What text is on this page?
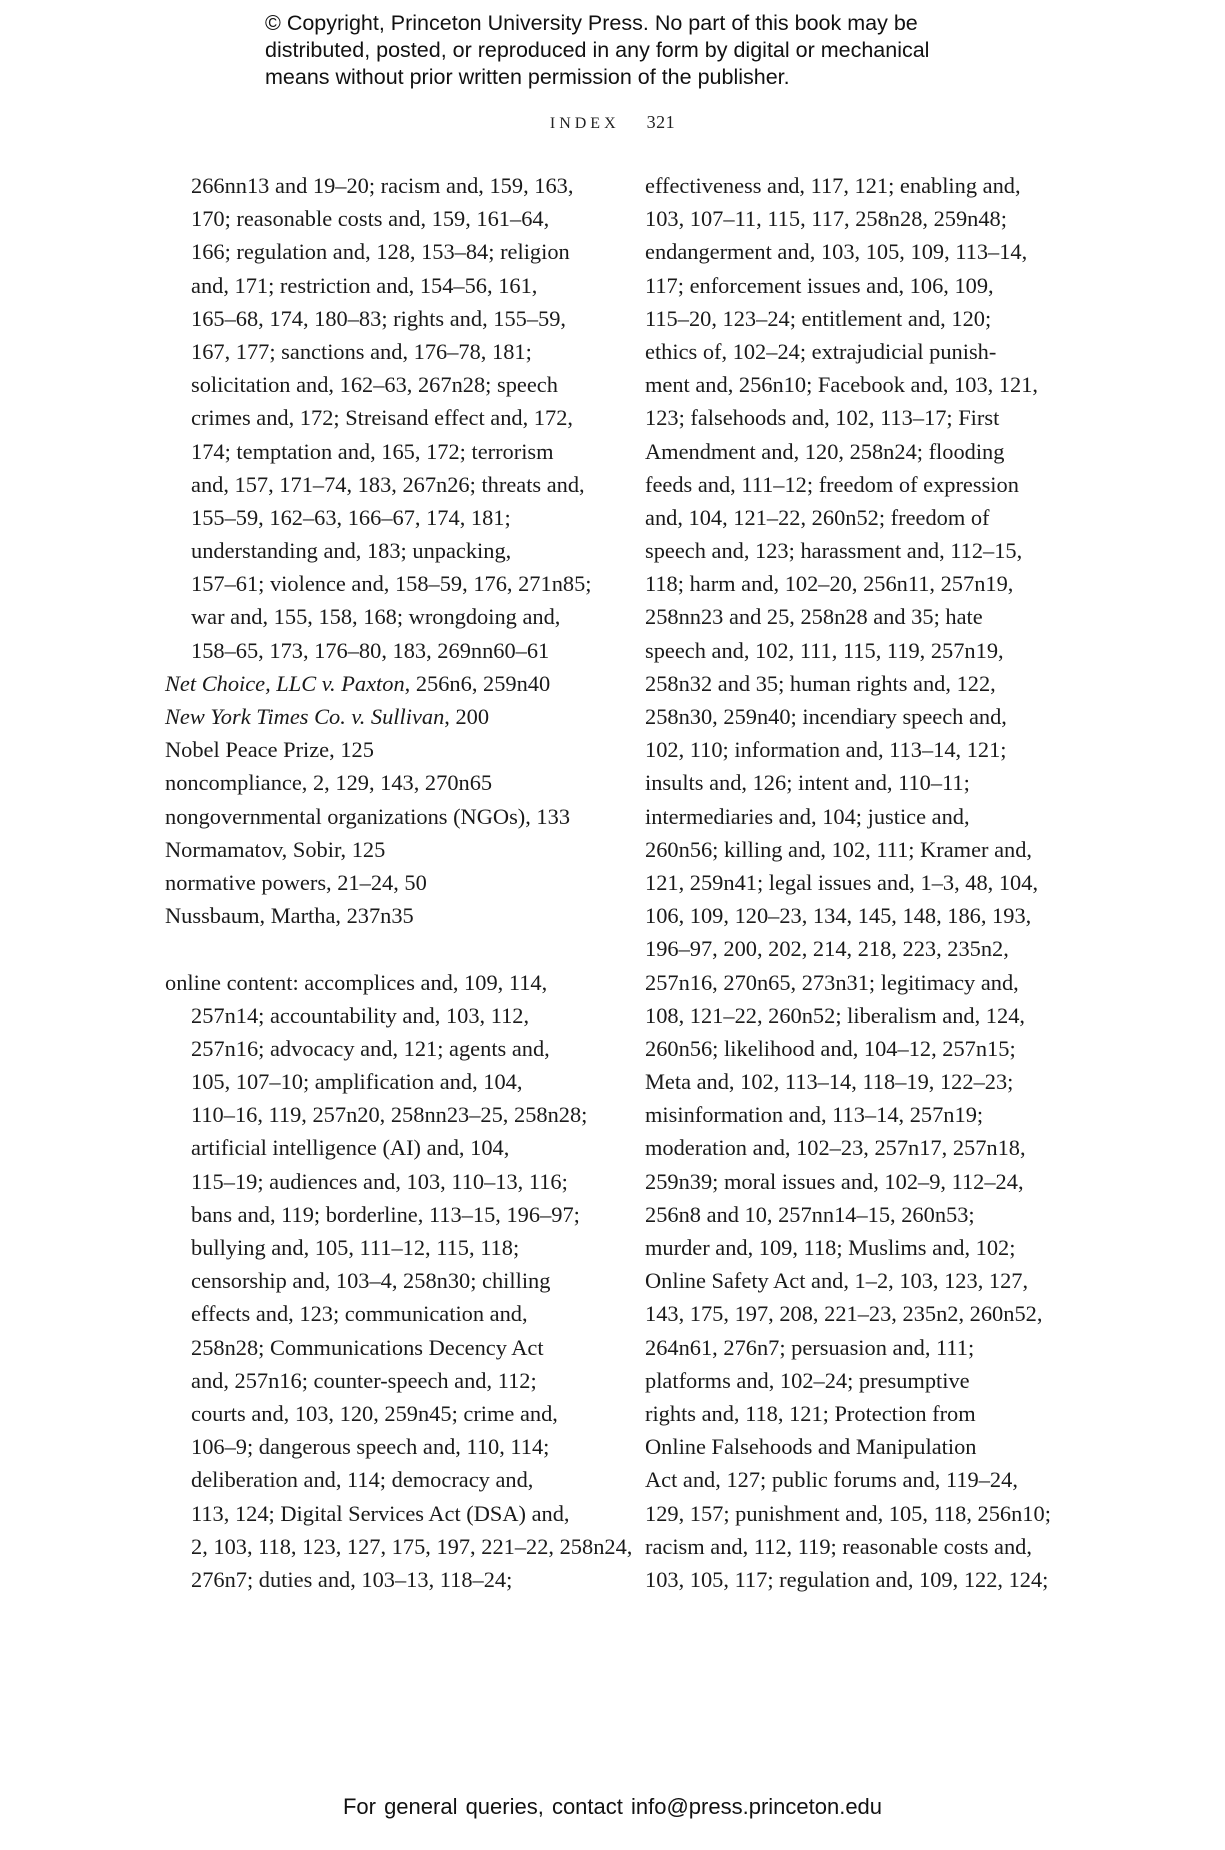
© Copyright, Princeton University Press. No part of this book may be
distributed, posted, or reproduced in any form by digital or mechanical
means without prior written permission of the publisher.
INDEX 321
266nn13 and 19–20; racism and, 159, 163,
170; reasonable costs and, 159, 161–64,
166; regulation and, 128, 153–84; religion
and, 171; restriction and, 154–56, 161,
165–68, 174, 180–83; rights and, 155–59,
167, 177; sanctions and, 176–78, 181;
solicitation and, 162–63, 267n28; speech
crimes and, 172; Streisand effect and, 172,
174; temptation and, 165, 172; terrorism
and, 157, 171–74, 183, 267n26; threats and,
155–59, 162–63, 166–67, 174, 181;
understanding and, 183; unpacking,
157–61; violence and, 158–59, 176, 271n85;
war and, 155, 158, 168; wrongdoing and,
158–65, 173, 176–80, 183, 269nn60–61
Net Choice, LLC v. Paxton, 256n6, 259n40
New York Times Co. v. Sullivan, 200
Nobel Peace Prize, 125
noncompliance, 2, 129, 143, 270n65
nongovernmental organizations (NGOs), 133
Normamatov, Sobir, 125
normative powers, 21–24, 50
Nussbaum, Martha, 237n35
online content: accomplices and, 109, 114,
257n14; accountability and, 103, 112,
257n16; advocacy and, 121; agents and,
105, 107–10; amplification and, 104,
110–16, 119, 257n20, 258nn23–25, 258n28;
artificial intelligence (AI) and, 104,
115–19; audiences and, 103, 110–13, 116;
bans and, 119; borderline, 113–15, 196–97;
bullying and, 105, 111–12, 115, 118;
censorship and, 103–4, 258n30; chilling
effects and, 123; communication and,
258n28; Communications Decency Act
and, 257n16; counter-speech and, 112;
courts and, 103, 120, 259n45; crime and,
106–9; dangerous speech and, 110, 114;
deliberation and, 114; democracy and,
113, 124; Digital Services Act (DSA) and,
2, 103, 118, 123, 127, 175, 197, 221–22, 258n24,
276n7; duties and, 103–13, 118–24;
effectiveness and, 117, 121; enabling and,
103, 107–11, 115, 117, 258n28, 259n48;
endangerment and, 103, 105, 109, 113–14,
117; enforcement issues and, 106, 109,
115–20, 123–24; entitlement and, 120;
ethics of, 102–24; extrajudicial punish-
ment and, 256n10; Facebook and, 103, 121,
123; falsehoods and, 102, 113–17; First
Amendment and, 120, 258n24; flooding
feeds and, 111–12; freedom of expression
and, 104, 121–22, 260n52; freedom of
speech and, 123; harassment and, 112–15,
118; harm and, 102–20, 256n11, 257n19,
258nn23 and 25, 258n28 and 35; hate
speech and, 102, 111, 115, 119, 257n19,
258n32 and 35; human rights and, 122,
258n30, 259n40; incendiary speech and,
102, 110; information and, 113–14, 121;
insults and, 126; intent and, 110–11;
intermediaries and, 104; justice and,
260n56; killing and, 102, 111; Kramer and,
121, 259n41; legal issues and, 1–3, 48, 104,
106, 109, 120–23, 134, 145, 148, 186, 193,
196–97, 200, 202, 214, 218, 223, 235n2,
257n16, 270n65, 273n31; legitimacy and,
108, 121–22, 260n52; liberalism and, 124,
260n56; likelihood and, 104–12, 257n15;
Meta and, 102, 113–14, 118–19, 122–23;
misinformation and, 113–14, 257n19;
moderation and, 102–23, 257n17, 257n18,
259n39; moral issues and, 102–9, 112–24,
256n8 and 10, 257nn14–15, 260n53;
murder and, 109, 118; Muslims and, 102;
Online Safety Act and, 1–2, 103, 123, 127,
143, 175, 197, 208, 221–23, 235n2, 260n52,
264n61, 276n7; persuasion and, 111;
platforms and, 102–24; presumptive
rights and, 118, 121; Protection from
Online Falsehoods and Manipulation
Act and, 127; public forums and, 119–24,
129, 157; punishment and, 105, 118, 256n10;
racism and, 112, 119; reasonable costs and,
103, 105, 117; regulation and, 109, 122, 124;
For general queries, contact info@press.princeton.edu
